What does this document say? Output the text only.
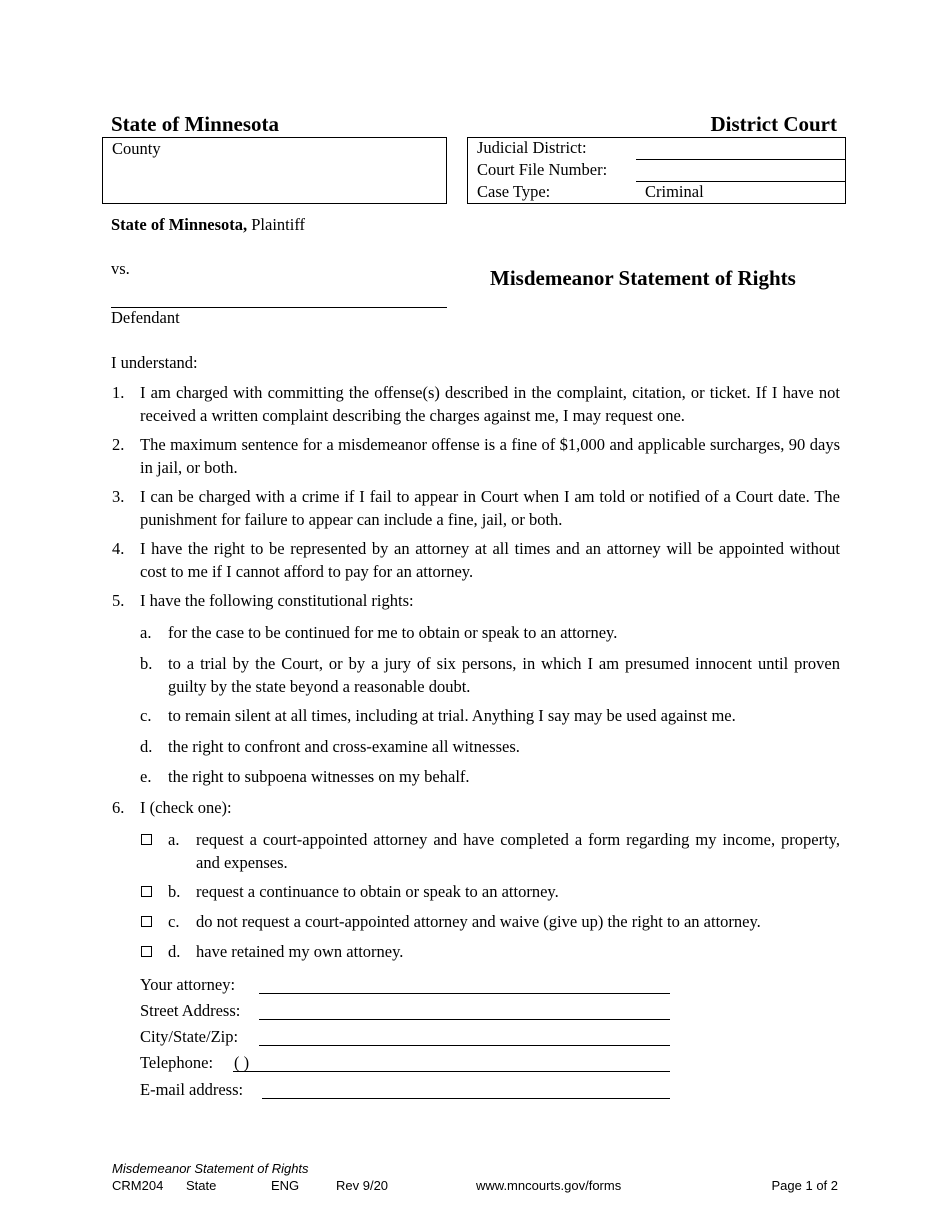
State of Minnesota	District Court
County	Judicial District:
Court File Number:
Case Type:	Criminal
State of Minnesota, Plaintiff
vs.
Defendant
Misdemeanor Statement of Rights
I understand:
1. I am charged with committing the offense(s) described in the complaint, citation, or ticket. If I have not received a written complaint describing the charges against me, I may request one.
2. The maximum sentence for a misdemeanor offense is a fine of $1,000 and applicable surcharges, 90 days in jail, or both.
3. I can be charged with a crime if I fail to appear in Court when I am told or notified of a Court date. The punishment for failure to appear can include a fine, jail, or both.
4. I have the right to be represented by an attorney at all times and an attorney will be appointed without cost to me if I cannot afford to pay for an attorney.
5. I have the following constitutional rights:
a. for the case to be continued for me to obtain or speak to an attorney.
b. to a trial by the Court, or by a jury of six persons, in which I am presumed innocent until proven guilty by the state beyond a reasonable doubt.
c. to remain silent at all times, including at trial. Anything I say may be used against me.
d. the right to confront and cross-examine all witnesses.
e. the right to subpoena witnesses on my behalf.
6. I (check one):
a. request a court-appointed attorney and have completed a form regarding my income, property, and expenses.
b. request a continuance to obtain or speak to an attorney.
c. do not request a court-appointed attorney and waive (give up) the right to an attorney.
d. have retained my own attorney.
Your attorney:
Street Address:
City/State/Zip:
Telephone: ( )
E-mail address:
Misdemeanor Statement of Rights
CRM204 State	ENG	Rev 9/20	www.mncourts.gov/forms	Page 1 of 2
